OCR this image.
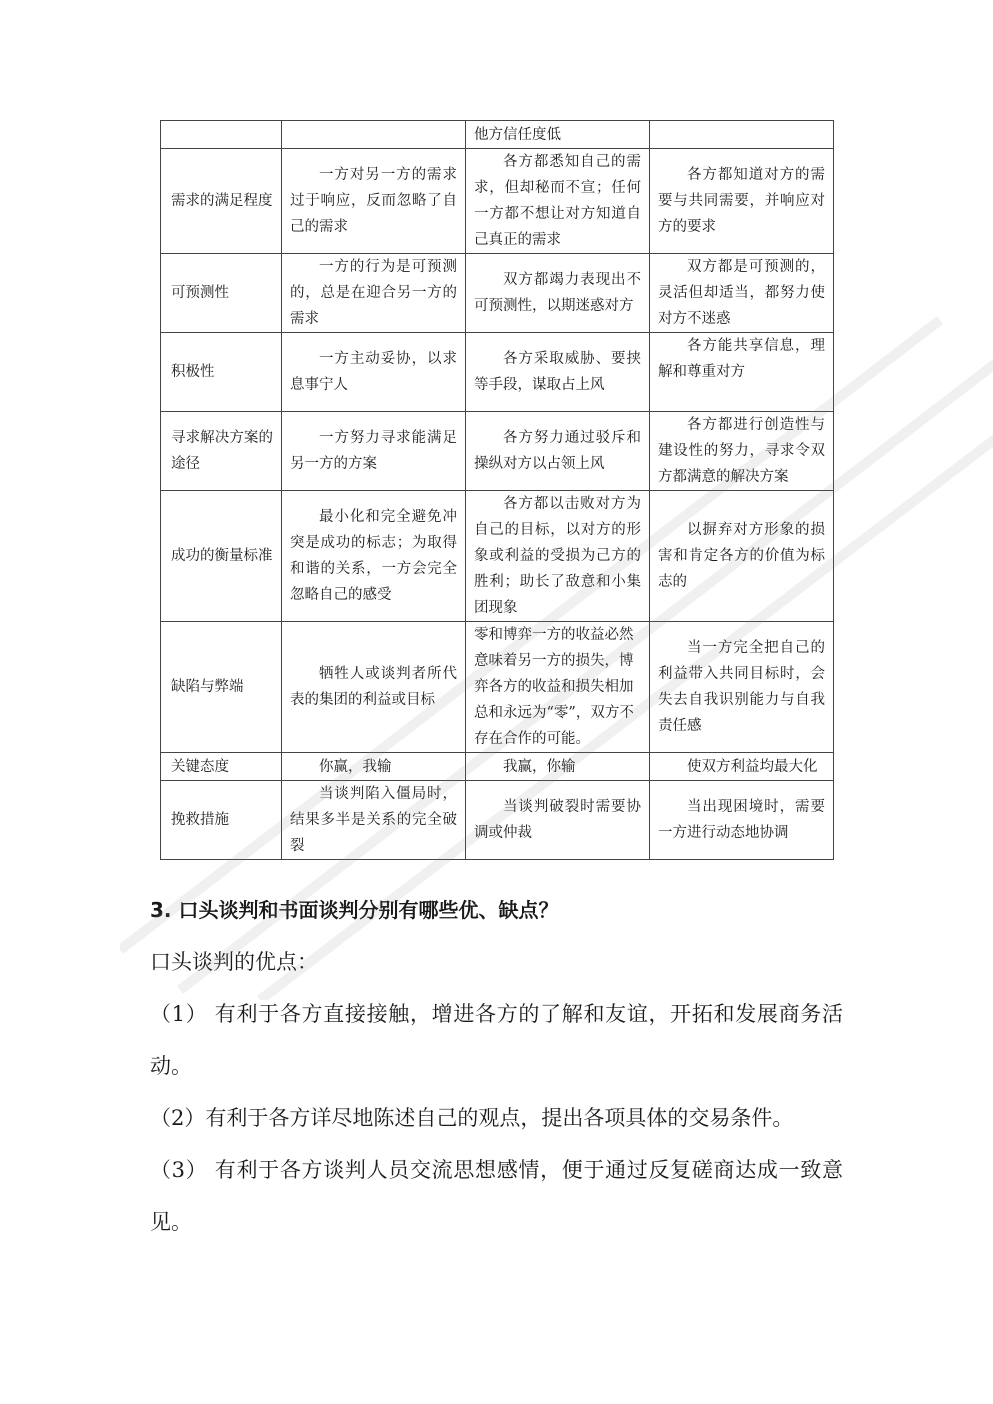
		他方信任度低	
需求的满足程度	一方对另一方的需求过于响应，反而忽略了自己的需求	各方都悉知自己的需求，但却秘而不宣；任何一方都不想让对方知道自己真正的需求	各方都知道对方的需要与共同需要，并响应对方的要求
可预测性	一方的行为是可预测的，总是在迎合另一方的需求	双方都竭力表现出不可预测性，以期迷惑对方	双方都是可预测的，灵活但却适当，都努力使对方不迷惑
积极性	一方主动妥协，以求息事宁人	各方采取威胁、要挟等手段，谋取占上风	各方能共享信息，理解和尊重对方
寻求解决方案的途径	一方努力寻求能满足另一方的方案	各方努力通过驳斥和操纵对方以占领上风	各方都进行创造性与建设性的努力，寻求令双方都满意的解决方案
成功的衡量标准	最小化和完全避免冲突是成功的标志；为取得和谐的关系，一方会完全忽略自己的感受	各方都以击败对方为自己的目标，以对方的形象或利益的受损为己方的胜利；助长了敌意和小集团现象	以摒弃对方形象的损害和肯定各方的价值为标志的
缺陷与弊端	牺牲人或谈判者所代表的集团的利益或目标	零和博弈一方的收益必然意味着另一方的损失，博弈各方的收益和损失相加总和永远为“零”，双方不存在合作的可能。	当一方完全把自己的利益带入共同目标时，会失去自我识别能力与自我责任感
关键态度	你赢，我输	我赢，你输	使双方利益均最大化
挽救措施	当谈判陷入僵局时，结果多半是关系的完全破裂	当谈判破裂时需要协调或仲裁	当出现困境时，需要一方进行动态地协调

3. 口头谈判和书面谈判分别有哪些优、缺点？

口头谈判的优点：

（1） 有利于各方直接接触，增进各方的了解和友谊，开拓和发展商务活动。

（2）有利于各方详尽地陈述自己的观点，提出各项具体的交易条件。

（3） 有利于各方谈判人员交流思想感情，便于通过反复磋商达成一致意见。
